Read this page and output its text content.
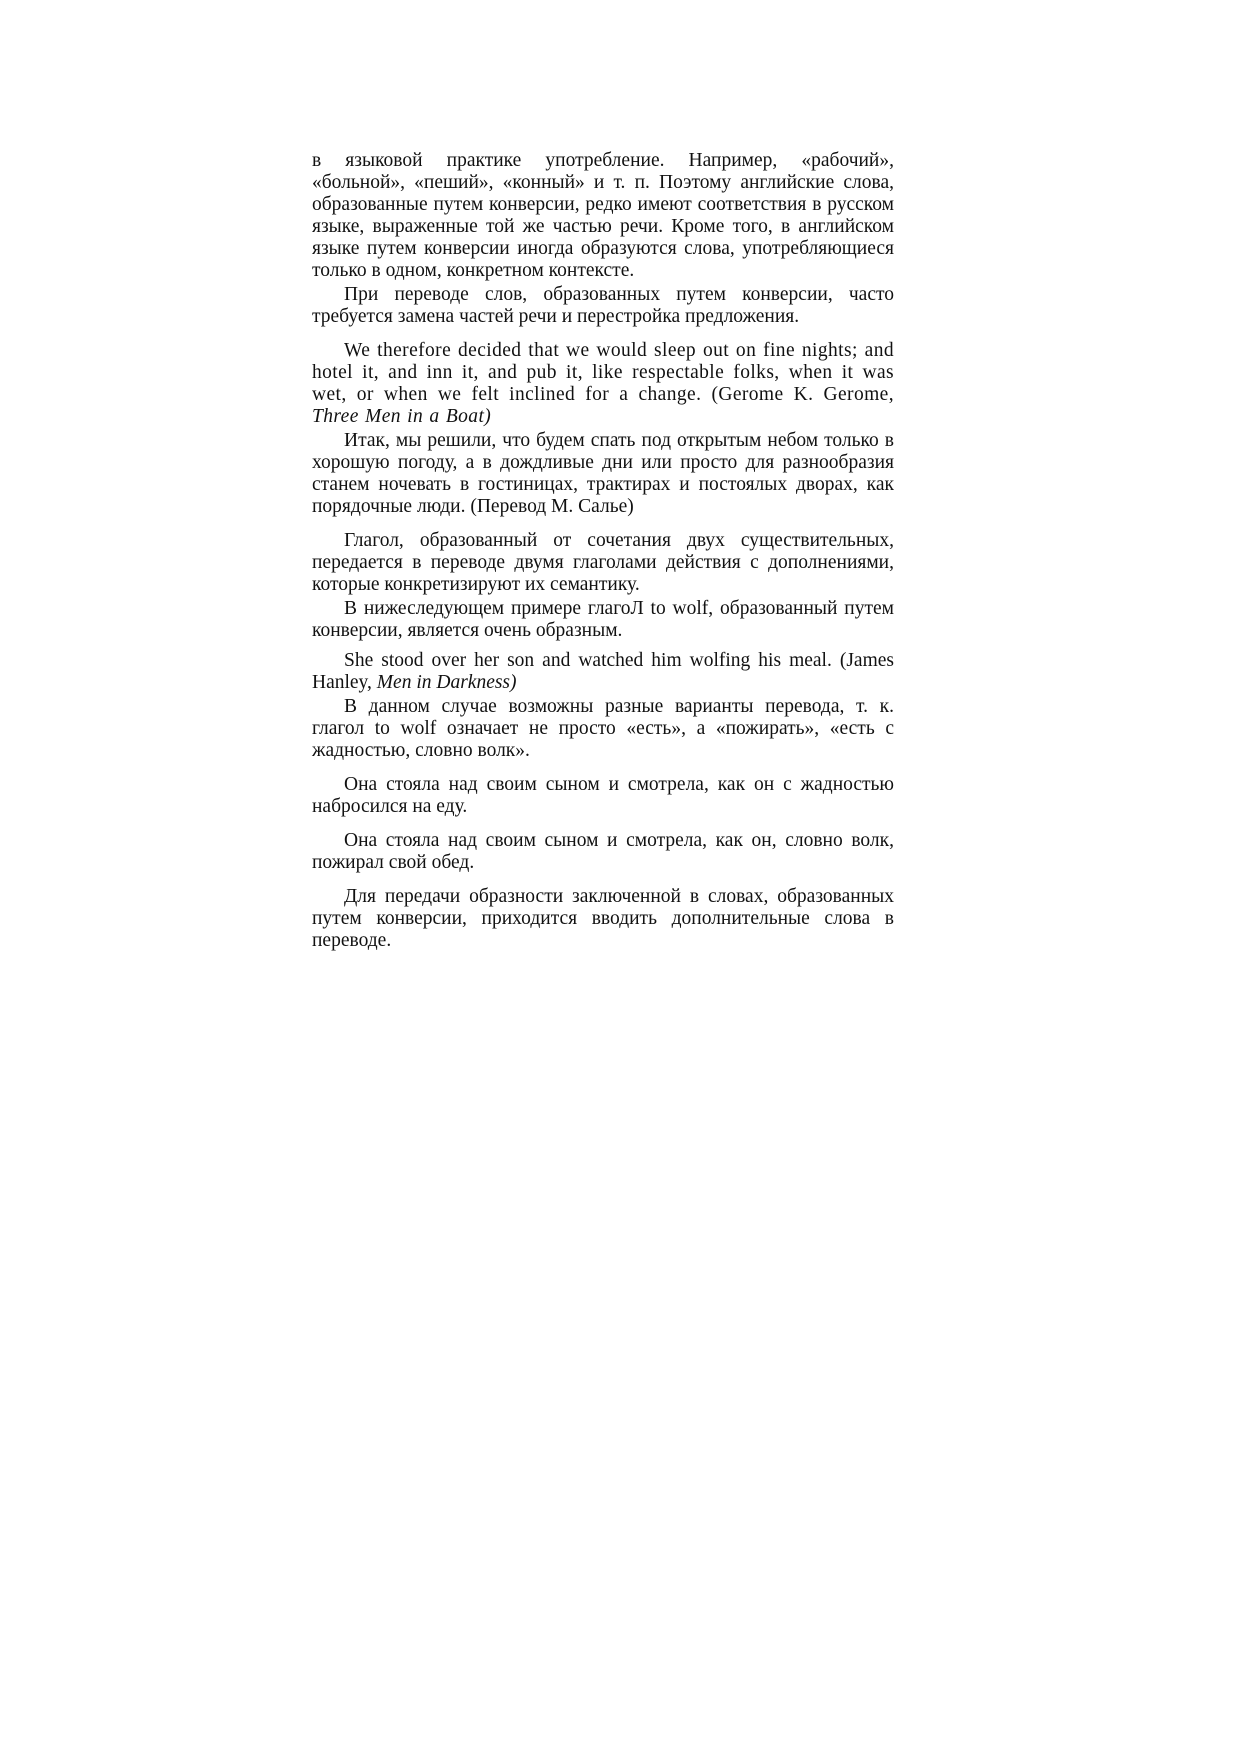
в языковой практике употребление. Например, «рабочий», «больной», «пеший», «конный» и т. п. Поэтому английские слова, образованные путем конверсии, редко имеют соответствия в русском языке, выраженные той же частью речи. Кроме того, в английском языке путем конверсии иногда образуются слова, употребляющиеся только в одном, конкретном контексте.

При переводе слов, образованных путем конверсии, часто требуется замена частей речи и перестройка предложения.

We therefore decided that we would sleep out on fine nights; and hotel it, and inn it, and pub it, like respectable folks, when it was wet, or when we felt inclined for a change. (Gerome K. Gerome, Three Men in a Boat)

Итак, мы решили, что будем спать под открытым небом только в хорошую погоду, а в дождливые дни или просто для разнообразия станем ночевать в гостиницах, трактирах и постоялых дворах, как порядочные люди. (Перевод М. Салье)

Глагол, образованный от сочетания двух существительных, передается в переводе двумя глаголами действия с дополнениями, которые конкретизируют их семантику.

В нижеследующем примере глагоЛ to wolf, образованный путем конверсии, является очень образным.

She stood over her son and watched him wolfing his meal. (James Hanley, Men in Darkness)

В данном случае возможны разные варианты перевода, т. к. глагол to wolf означает не просто «есть», а «пожирать», «есть с жадностью, словно волк».

Она стояла над своим сыном и смотрела, как он с жадностью набросился на еду.

Она стояла над своим сыном и смотрела, как он, словно волк, пожирал свой обед.

Для передачи образности заключенной в словах, образованных путем конверсии, приходится вводить дополнительные слова в переводе.
